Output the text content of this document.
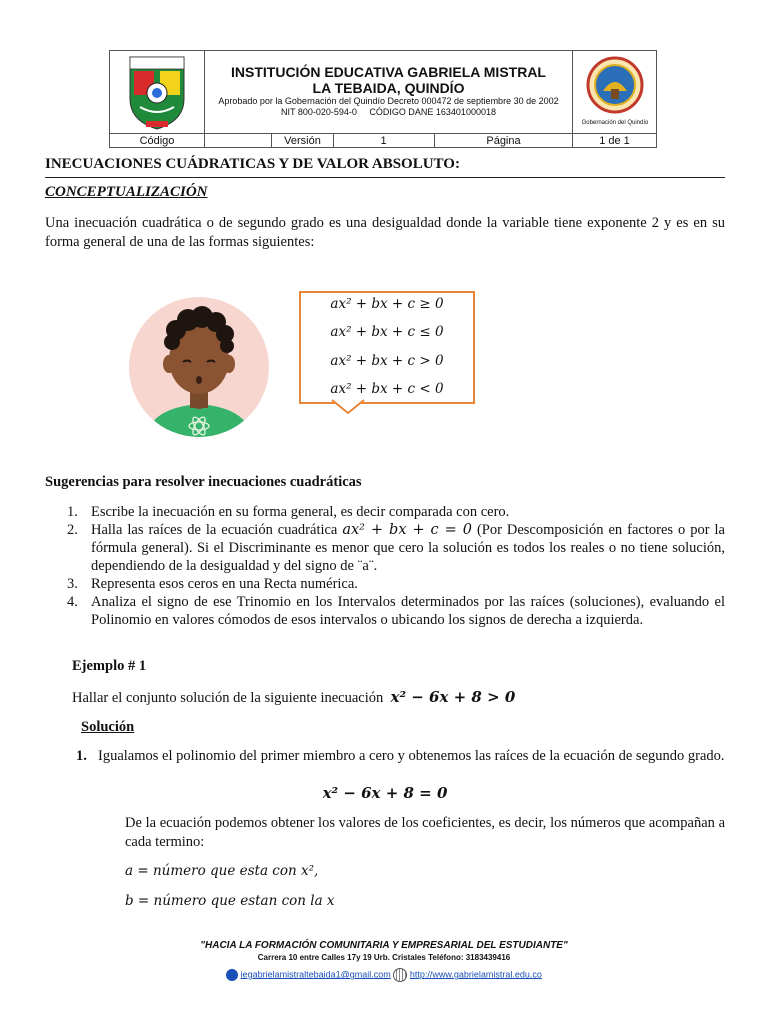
INSTITUCIÓN EDUCATIVA GABRIELA MISTRAL
LA TEBAIDA, QUINDÍO
Aprobado por la Gobernación del Quindío Decreto 000472 de septiembre 30 de 2002
NIT 800-020-594-0     CÓDIGO DANE 163401000018
Gobernación del Quindío
Código	Versión	1	Página	1 de 1
INECUACIONES CUÁDRATICAS Y DE VALOR ABSOLUTO:
CONCEPTUALIZACIÓN
Una inecuación cuadrática o de segundo grado es una desigualdad donde la variable tiene exponente 2 y es en su forma general de una de las formas siguientes:
ax² + bx + c ≥ 0
ax² + bx + c ≤ 0
ax² + bx + c > 0
ax² + bx + c < 0
Sugerencias para resolver inecuaciones cuadráticas
1. Escribe la inecuación en su forma general, es decir comparada con cero.
2. Halla las raíces de la ecuación cuadrática ax² + bx + c = 0 (Por Descomposición en factores o por la fórmula general). Si el Discriminante es menor que cero la solución es todos los reales o no tiene solución, dependiendo de la desigualdad y del signo de ¨a¨.
3. Representa esos ceros en una Recta numérica.
4. Analiza el signo de ese Trinomio en los Intervalos determinados por las raíces (soluciones), evaluando el Polinomio en valores cómodos de esos intervalos o ubicando los signos de derecha a izquierda.
Ejemplo # 1
Hallar el conjunto solución de la siguiente inecuación x² − 6x + 8 > 0
Solución
1. Igualamos el polinomio del primer miembro a cero y obtenemos las raíces de la ecuación de segundo grado.
x² − 6x + 8 = 0
De la ecuación podemos obtener los valores de los coeficientes, es decir, los números que acompañan a cada termino:
a = número que esta con x²,
b = número que estan con la x
"HACIA LA FORMACIÓN COMUNITARIA Y EMPRESARIAL DEL ESTUDIANTE"
Carrera 10 entre Calles 17y 19 Urb. Cristales Teléfono: 3183439416
iegabrielamistraltebaida1@gmail.com http://www.gabrielamistral.edu.co
